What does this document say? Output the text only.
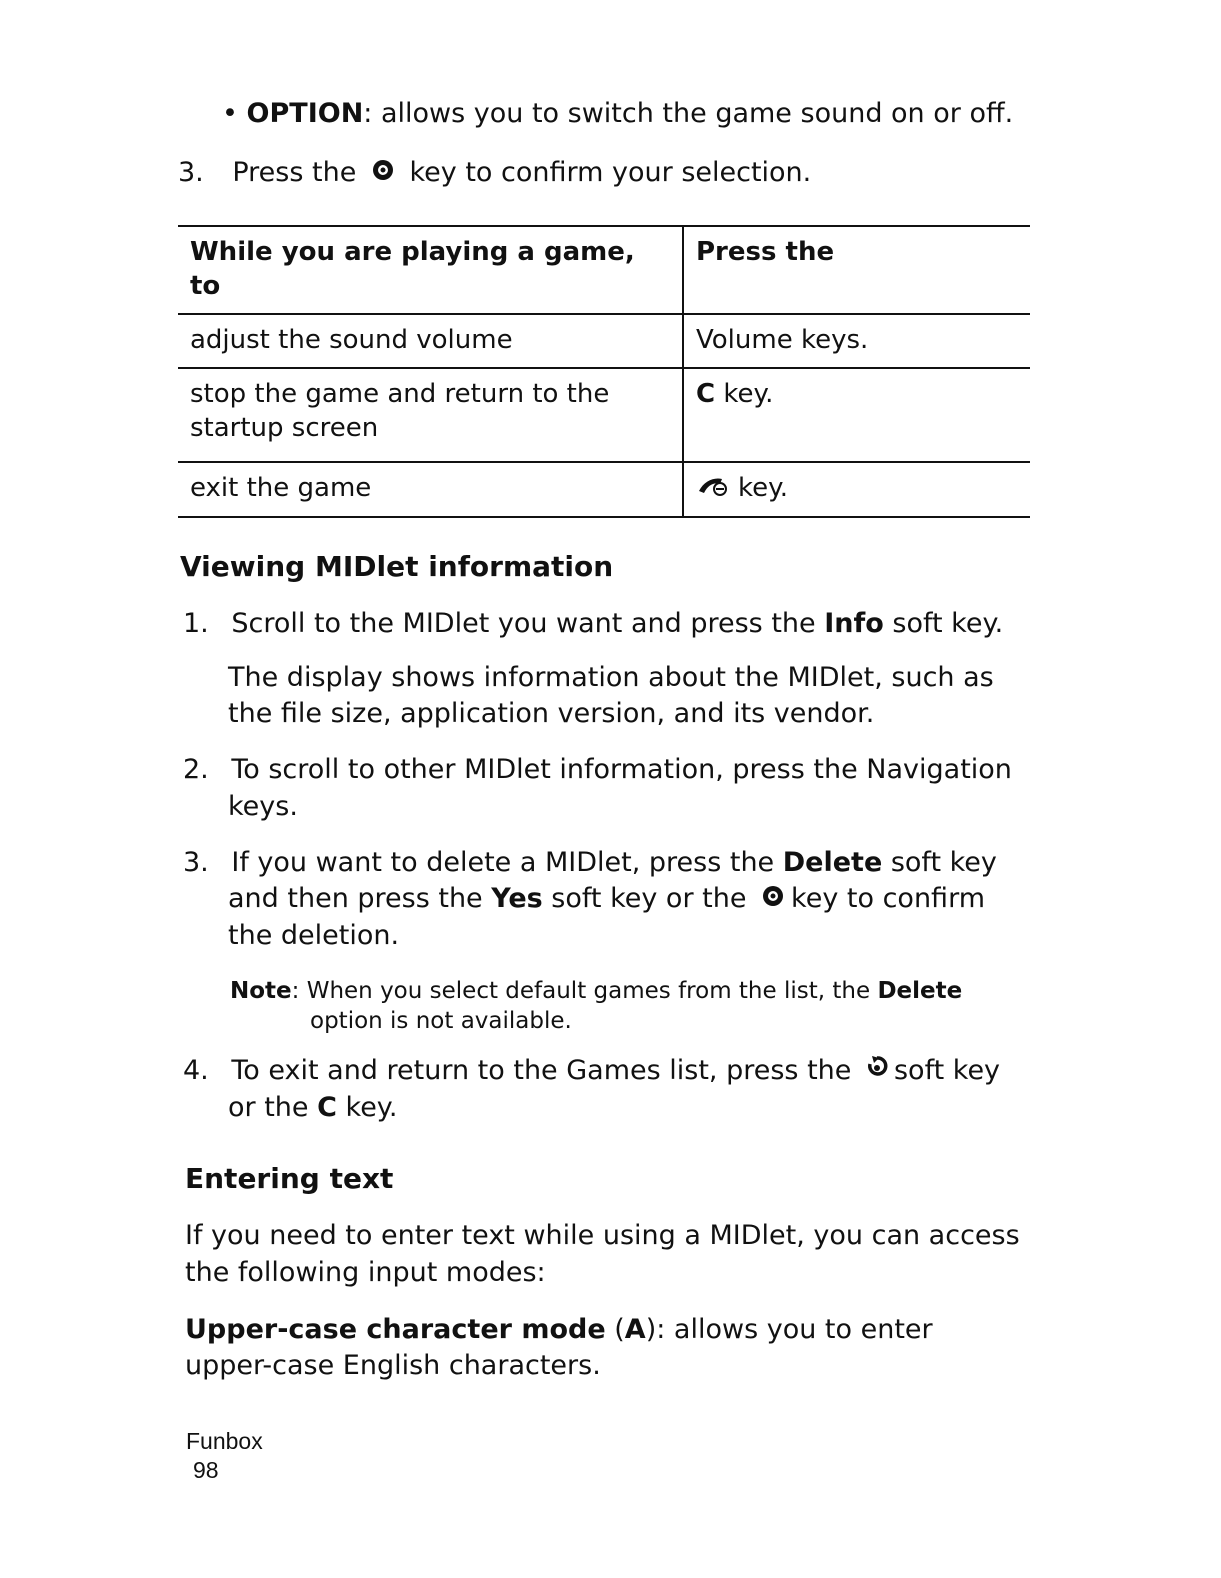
• OPTION: allows you to switch the game sound on or off.
3. Press the key to confirm your selection.
While you are playing a game, to	Press the
adjust the sound volume	Volume keys.

stop the game and return to the
startup screen	C key.
exit the game	key.
Viewing MIDlet information
1. Scroll to the MIDlet you want and press the Info soft key.
The display shows information about the MIDlet, such as
the file size, application version, and its vendor.
2. To scroll to other MIDlet information, press the Navigation
keys.
3. If you want to delete a MIDlet, press the Delete soft key
and then press the Yes soft key or the key to confirm
the deletion.
Note: When you select default games from the list, the Delete
option is not available.
4. To exit and return to the Games list, press the soft key
or the C key.
Entering text
If you need to enter text while using a MIDlet, you can access
the following input modes:
Upper-case character mode (A): allows you to enter
upper-case English characters.
Funbox
98
